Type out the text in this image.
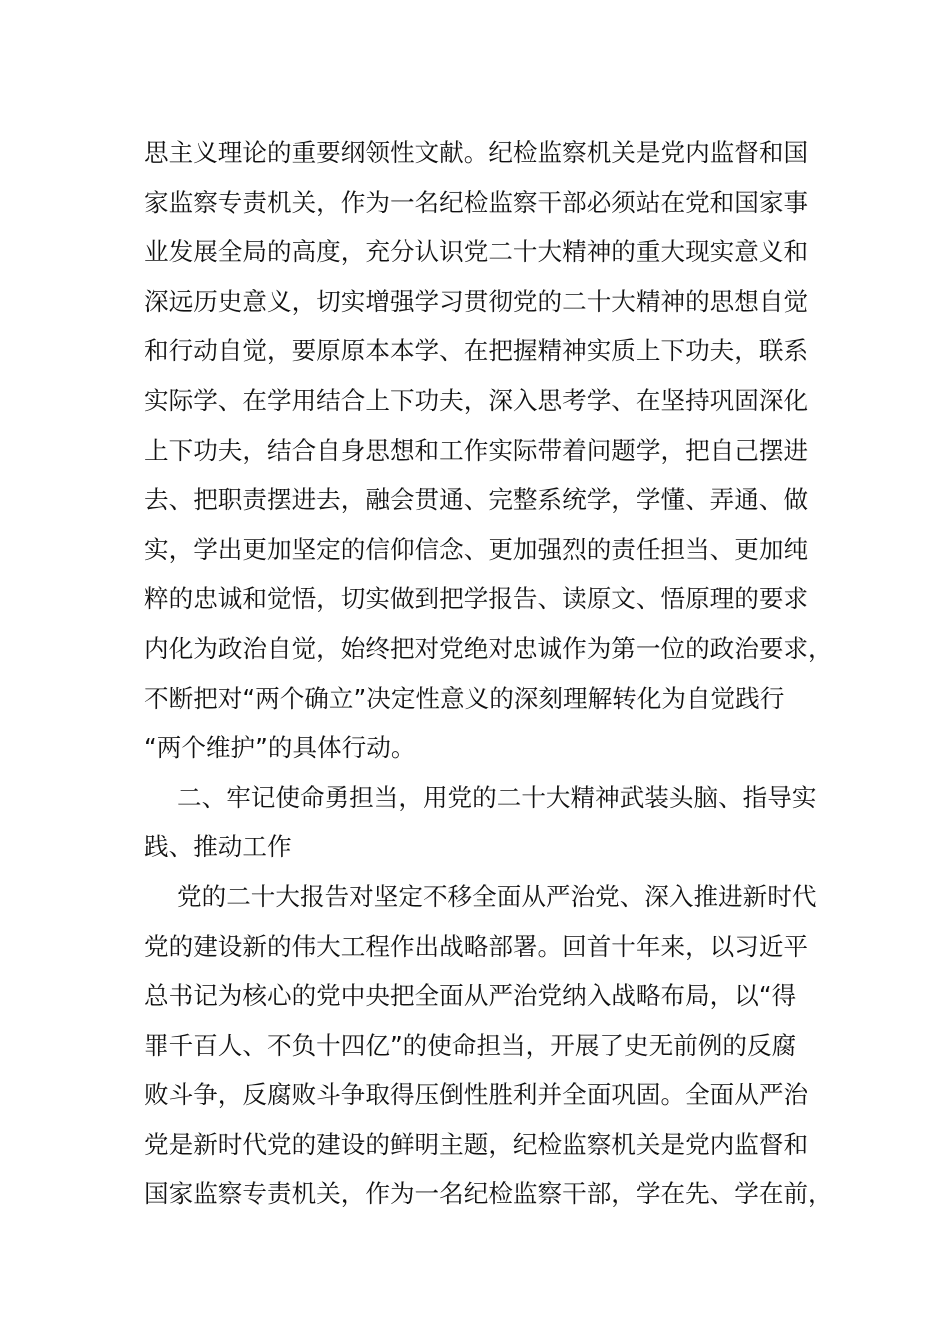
思主义理论的重要纲领性文献。纪检监察机关是党内监督和国
家监察专责机关，作为一名纪检监察干部必须站在党和国家事
业发展全局的高度，充分认识党二十大精神的重大现实意义和
深远历史意义，切实增强学习贯彻党的二十大精神的思想自觉
和行动自觉，要原原本本学、在把握精神实质上下功夫，联系
实际学、在学用结合上下功夫，深入思考学、在坚持巩固深化
上下功夫，结合自身思想和工作实际带着问题学，把自己摆进
去、把职责摆进去，融会贯通、完整系统学，学懂、弄通、做
实，学出更加坚定的信仰信念、更加强烈的责任担当、更加纯
粹的忠诚和觉悟，切实做到把学报告、读原文、悟原理的要求
内化为政治自觉，始终把对党绝对忠诚作为第一位的政治要求，
不断把对“两个确立”决定性意义的深刻理解转化为自觉践行
“两个维护”的具体行动。
二、牢记使命勇担当，用党的二十大精神武装头脑、指导实
践、推动工作
党的二十大报告对坚定不移全面从严治党、深入推进新时代
党的建设新的伟大工程作出战略部署。回首十年来，以习近平
总书记为核心的党中央把全面从严治党纳入战略布局，以“得
罪千百人、不负十四亿”的使命担当，开展了史无前例的反腐
败斗争，反腐败斗争取得压倒性胜利并全面巩固。全面从严治
党是新时代党的建设的鲜明主题，纪检监察机关是党内监督和
国家监察专责机关，作为一名纪检监察干部，学在先、学在前，
